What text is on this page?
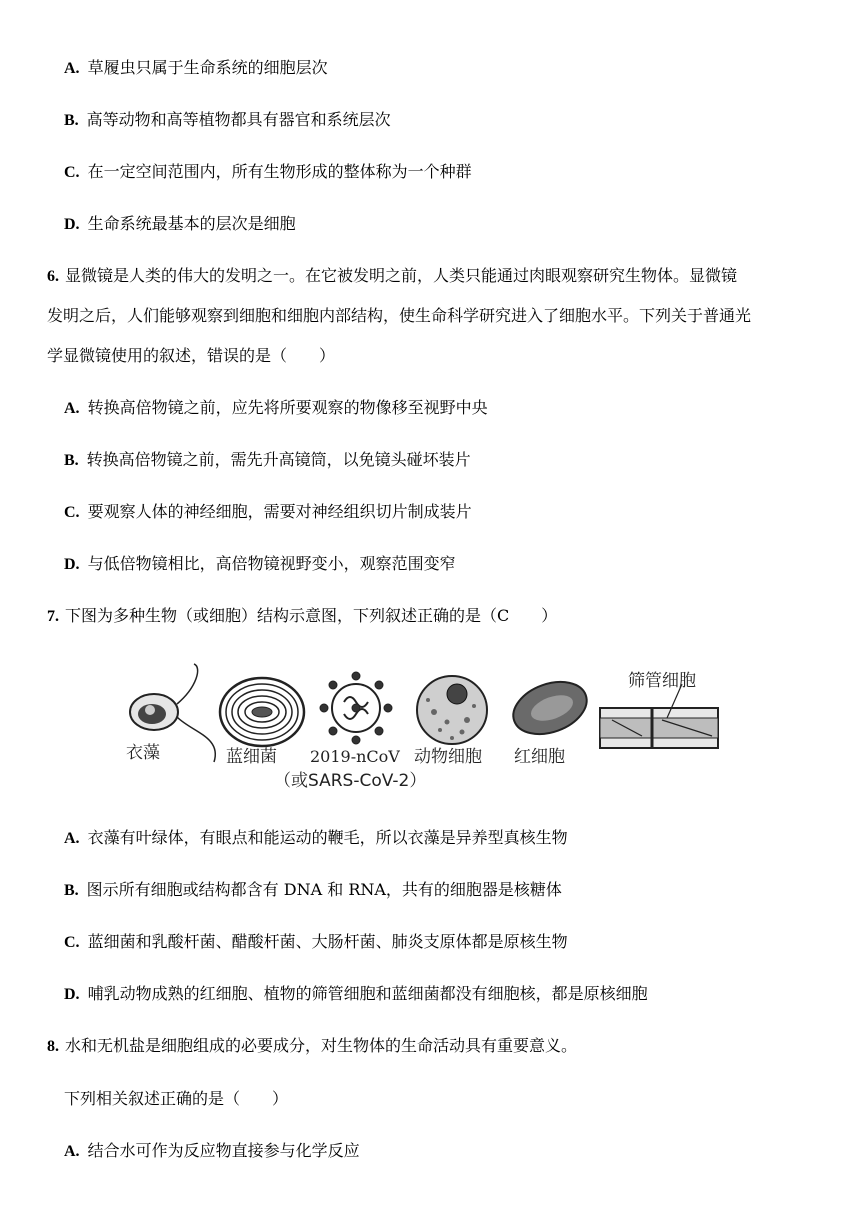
A. 草履虫只属于生命系统的细胞层次
B. 高等动物和高等植物都具有器官和系统层次
C. 在一定空间范围内，所有生物形成的整体称为一个种群
D. 生命系统最基本的层次是细胞
6. 显微镜是人类的伟大的发明之一。在它被发明之前，人类只能通过肉眼观察研究生物体。显微镜
发明之后，人们能够观察到细胞和细胞内部结构，使生命科学研究进入了细胞水平。下列关于普通光
学显微镜使用的叙述，错误的是（　　）
A. 转换高倍物镜之前，应先将所要观察的物像移至视野中央
B. 转换高倍物镜之前，需先升高镜筒，以免镜头碰坏装片
C. 要观察人体的神经细胞，需要对神经组织切片制成装片
D. 与低倍物镜相比，高倍物镜视野变小，观察范围变窄
7. 下图为多种生物（或细胞）结构示意图，下列叙述正确的是（C　　）
衣藻	蓝细菌 2019-nCoV
（或SARS-CoV-2）
动物细胞 红细胞
筛管细胞
A. 衣藻有叶绿体，有眼点和能运动的鞭毛，所以衣藻是异养型真核生物
B. 图示所有细胞或结构都含有 DNA 和 RNA，共有的细胞器是核糖体
C. 蓝细菌和乳酸杆菌、醋酸杆菌、大肠杆菌、肺炎支原体都是原核生物
D. 哺乳动物成熟的红细胞、植物的筛管细胞和蓝细菌都没有细胞核，都是原核细胞
8. 水和无机盐是细胞组成的必要成分，对生物体的生命活动具有重要意义。
下列相关叙述正确的是（　　）
A. 结合水可作为反应物直接参与化学反应
